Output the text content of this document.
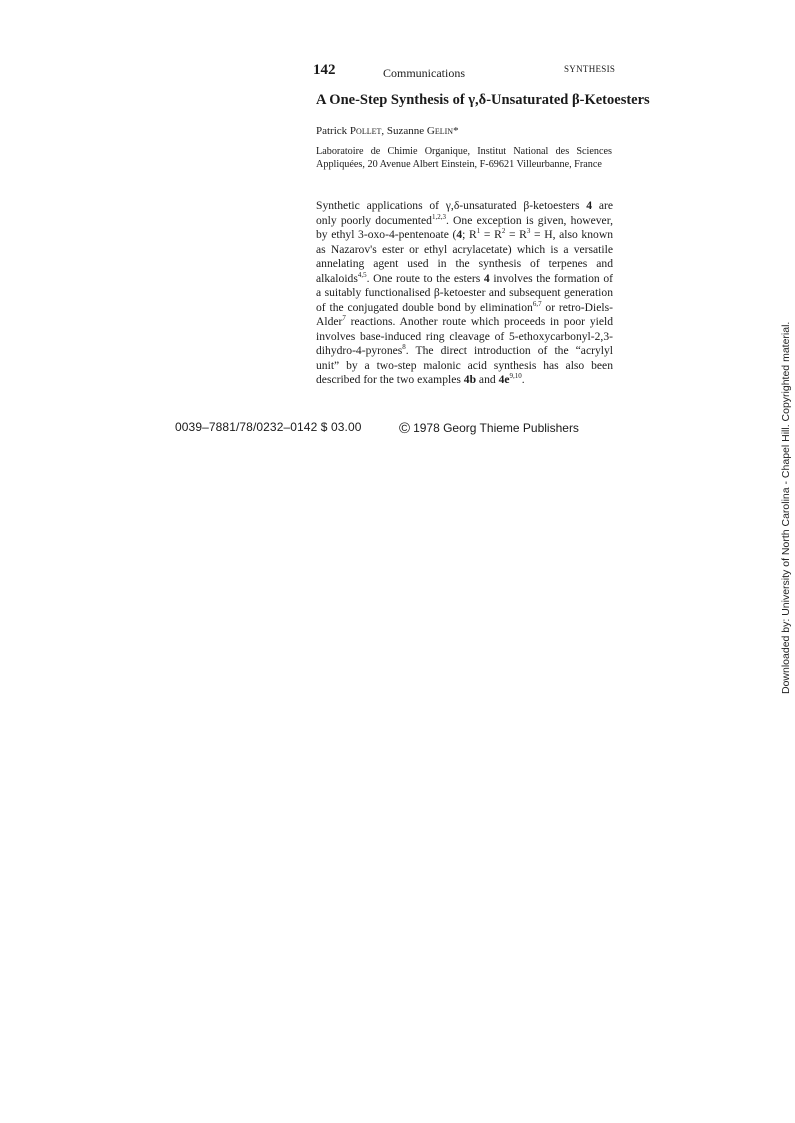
142	Communications	SYNTHESIS
A One-Step Synthesis of γ,δ-Unsaturated β-Ketoesters
Patrick Pollet, Suzanne Gelin*
Laboratoire de Chimie Organique, Institut National des Sciences Appliquées, 20 Avenue Albert Einstein, F-69621 Villeurbanne, France
Synthetic applications of γ,δ-unsaturated β-ketoesters 4 are only poorly documented$^{1,2,3}$. One exception is given, however, by ethyl 3-oxo-4-pentenoate (4; $R^1 = R^2 = R^3 = H$, also known as Nazarov's ester or ethyl acrylacetate) which is a versatile annelating agent used in the synthesis of terpenes and alkaloids$^{4,5}$. One route to the esters 4 involves the formation of a suitably functionalised β-ketoester and subsequent generation of the conjugated double bond by elimination$^{6,7}$ or retro-Diels-Alder$^7$ reactions. Another route which proceeds in poor yield involves base-induced ring cleavage of 5-ethoxycarbonyl-2,3-dihydro-4-pyrones$^8$. The direct introduction of the “acrylyl unit” by a two-step malonic acid synthesis has also been described for the two examples 4b and $4e^{9,10}$.
0039–7881/78/0232–0142 $ 03.00 © 1978 Georg Thieme Publishers	Downloaded by: University of North Carolina - Chapel Hill. Copyrighted material.
